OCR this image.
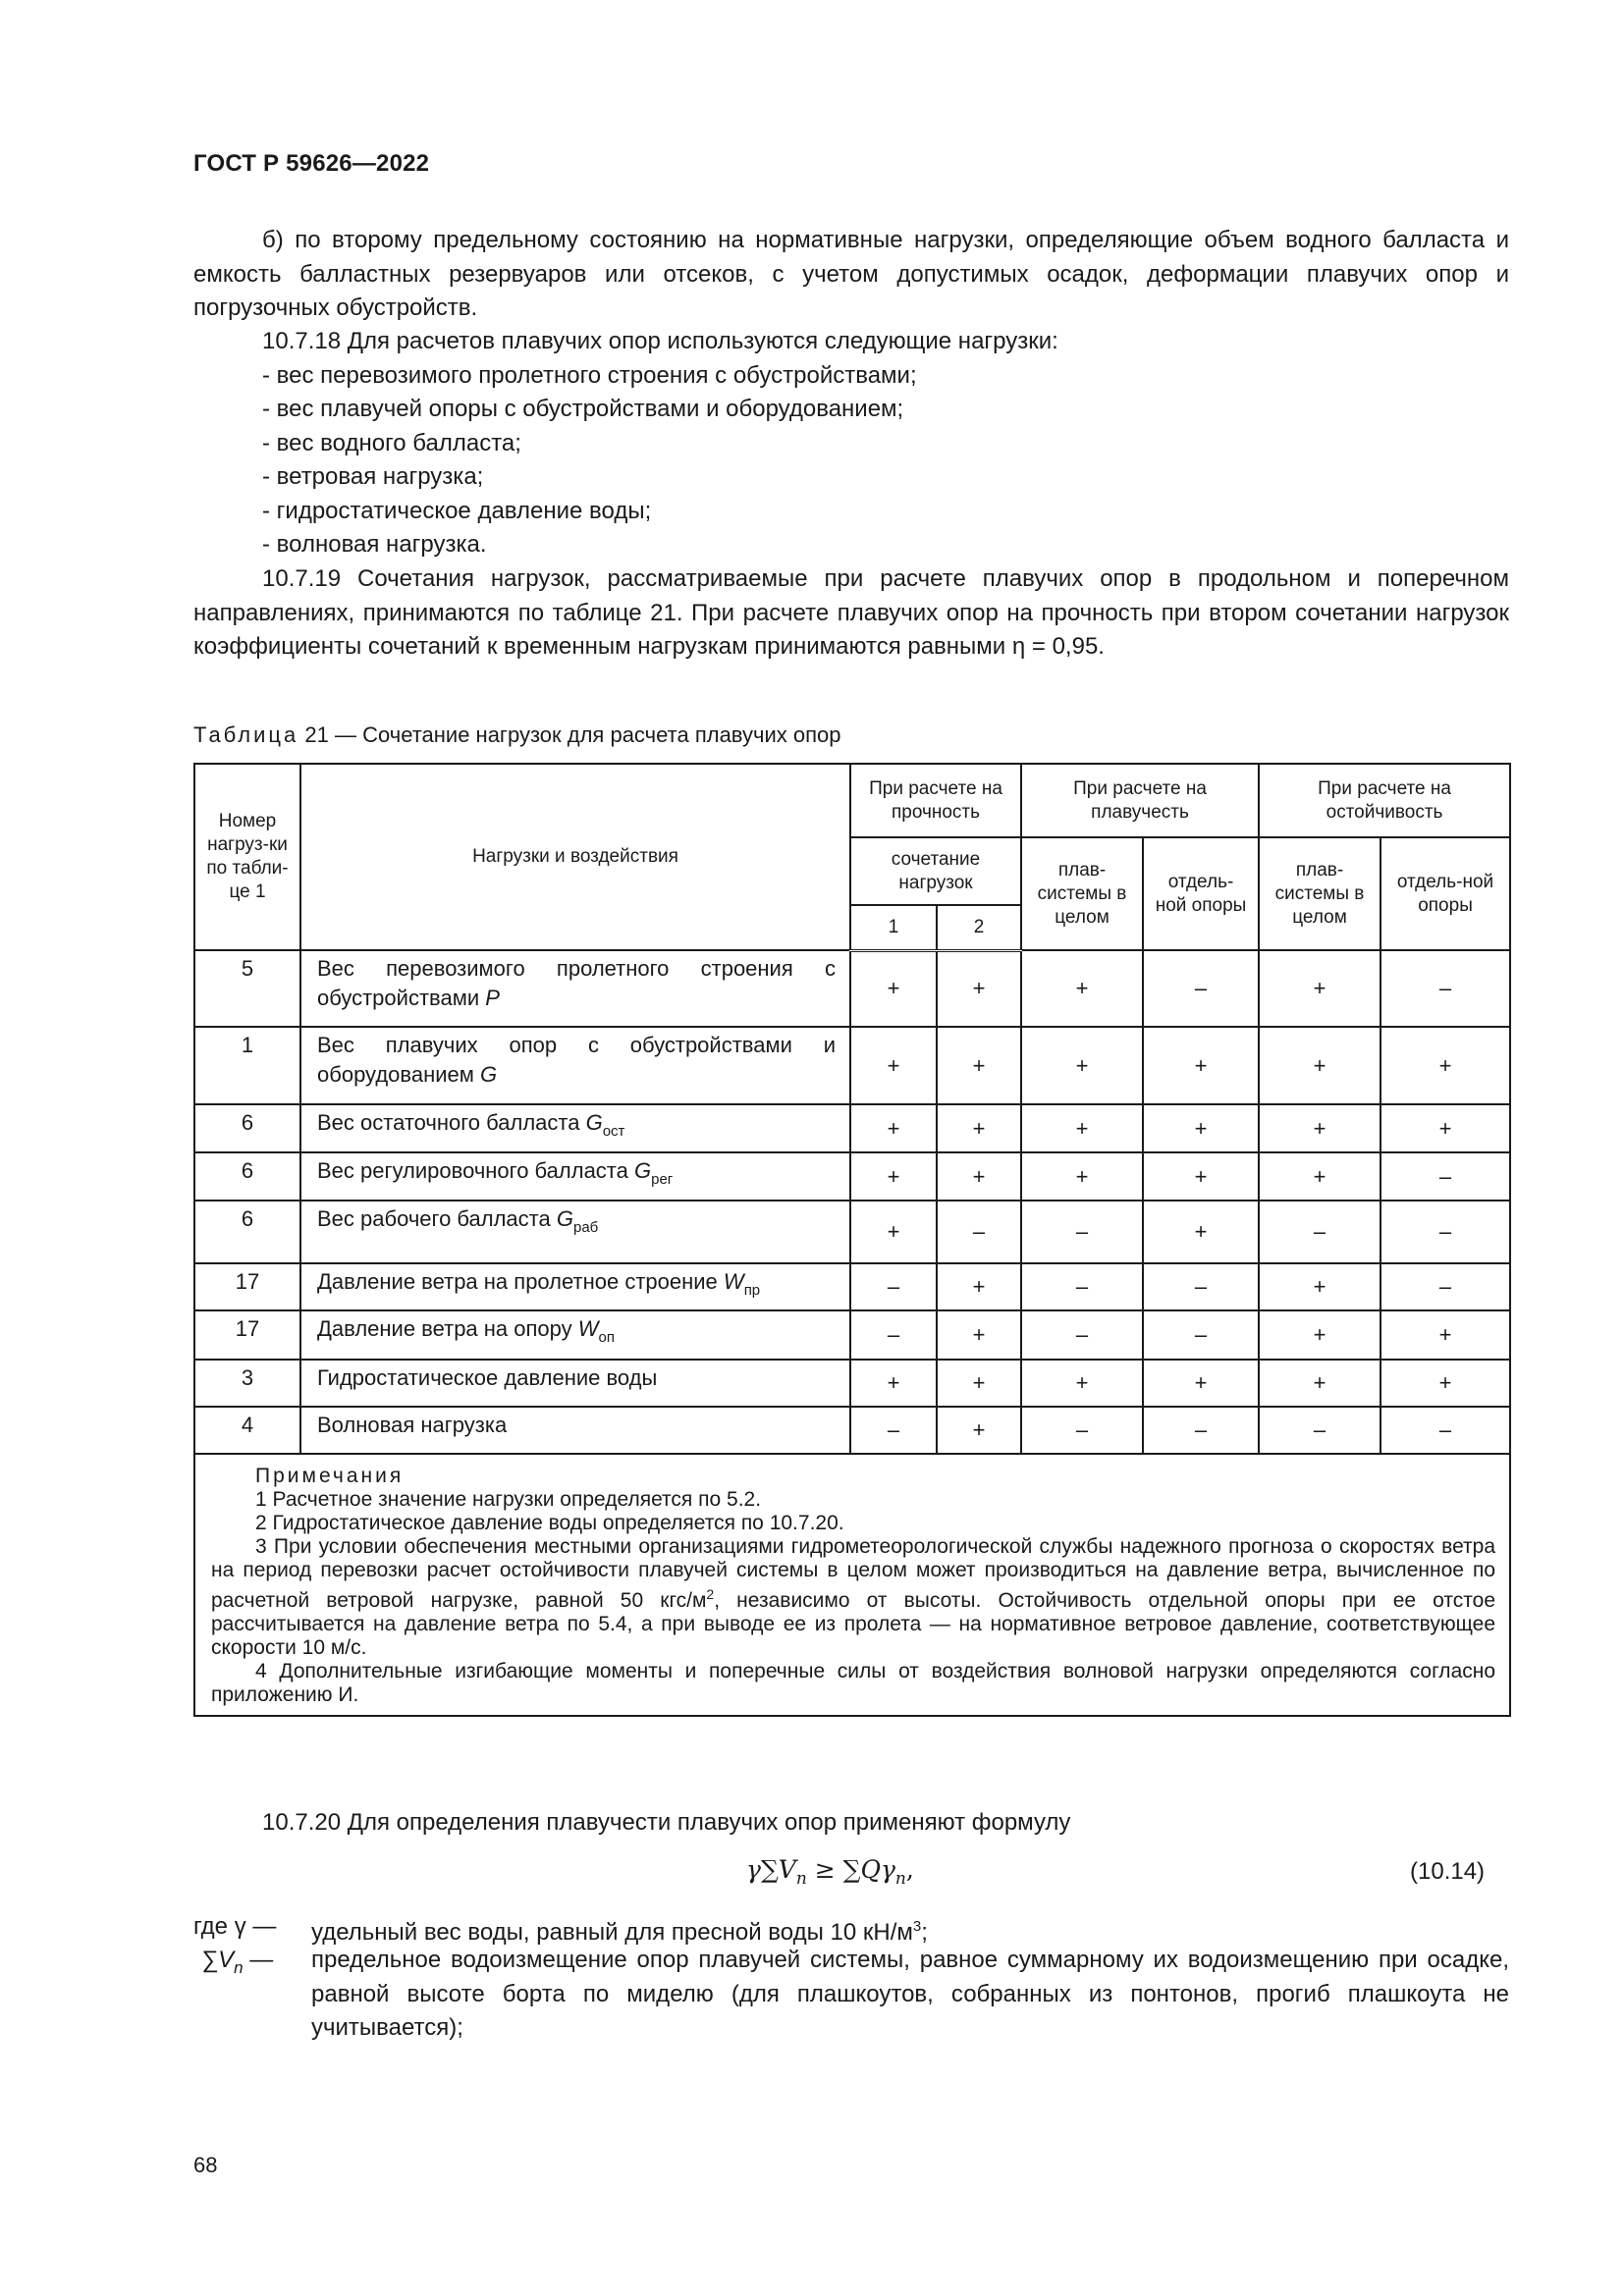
ГОСТ Р 59626—2022
б) по второму предельному состоянию на нормативные нагрузки, определяющие объем водного балласта и емкость балластных резервуаров или отсеков, с учетом допустимых осадок, деформации плавучих опор и погрузочных обустройств.
10.7.18 Для расчетов плавучих опор используются следующие нагрузки:
- вес перевозимого пролетного строения с обустройствами;
- вес плавучей опоры с обустройствами и оборудованием;
- вес водного балласта;
- ветровая нагрузка;
- гидростатическое давление воды;
- волновая нагрузка.
10.7.19 Сочетания нагрузок, рассматриваемые при расчете плавучих опор в продольном и поперечном направлениях, принимаются по таблице 21. При расчете плавучих опор на прочность при втором сочетании нагрузок коэффициенты сочетаний к временным нагрузкам принимаются равными η = 0,95.
Таблица 21 — Сочетание нагрузок для расчета плавучих опор
Номер нагруз-ки по табли-це 1	Нагрузки и воздействия	При расчете на прочность		При расчете на плавучесть		При расчете на остойчивость	
		сочетание нагрузок		плав-системы в целом	отдель-ной опоры	плав-системы в целом	отдель-ной опоры
		1	2				
5	Вес перевозимого пролетного строения с обустройствами P	+	+	+	–	+	–
1	Вес плавучих опор с обустройствами и оборудованием G	+	+	+	+	+	+
6	Вес остаточного балласта $G_{ост}$	+	+	+	+	+	+
6	Вес регулировочного балласта $G_{рег}$	+	+	+	+	+	–
6	Вес рабочего балласта $G_{раб}$	+	–	–	+	–	–
17	Давление ветра на пролетное строение $W_{пр}$	–	+	–	–	+	–
17	Давление ветра на опору $W_{оп}$	–	+	–	–	+	+
3	Гидростатическое давление воды	+	+	+	+	+	+
4	Волновая нагрузка	–	+	–	–	–	–

Примечания
1 Расчетное значение нагрузки определяется по 5.2.
2 Гидростатическое давление воды определяется по 10.7.20.
3 При условии обеспечения местными организациями гидрометеорологической службы надежного прогноза о скоростях ветра на период перевозки расчет остойчивости плавучей системы в целом может производиться на давление ветра, вычисленное по расчетной ветровой нагрузке, равной 50 кгс/$м^2$, независимо от высоты. Остойчивость отдельной опоры при ее отстое рассчитывается на давление ветра по 5.4, а при выводе ее из пролета — на нормативное ветровое давление, соответствующее скорости 10 м/с.
4 Дополнительные изгибающие моменты и поперечные силы от воздействия волновой нагрузки определяются согласно приложению И.							
10.7.20 Для определения плавучести плавучих опор применяют формулу
$\gamma\sum V_n \ge \sum Q\gamma_n$,	(10.14)
где γ — удельный вес воды, равный для пресной воды 10 $кН/м^3$;
$\sum V_n$ — предельное водоизмещение опор плавучей системы, равное суммарному их водоизмещению при осадке, равной высоте борта по миделю (для плашкоутов, собранных из понтонов, прогиб плашкоута не учитывается);
68
